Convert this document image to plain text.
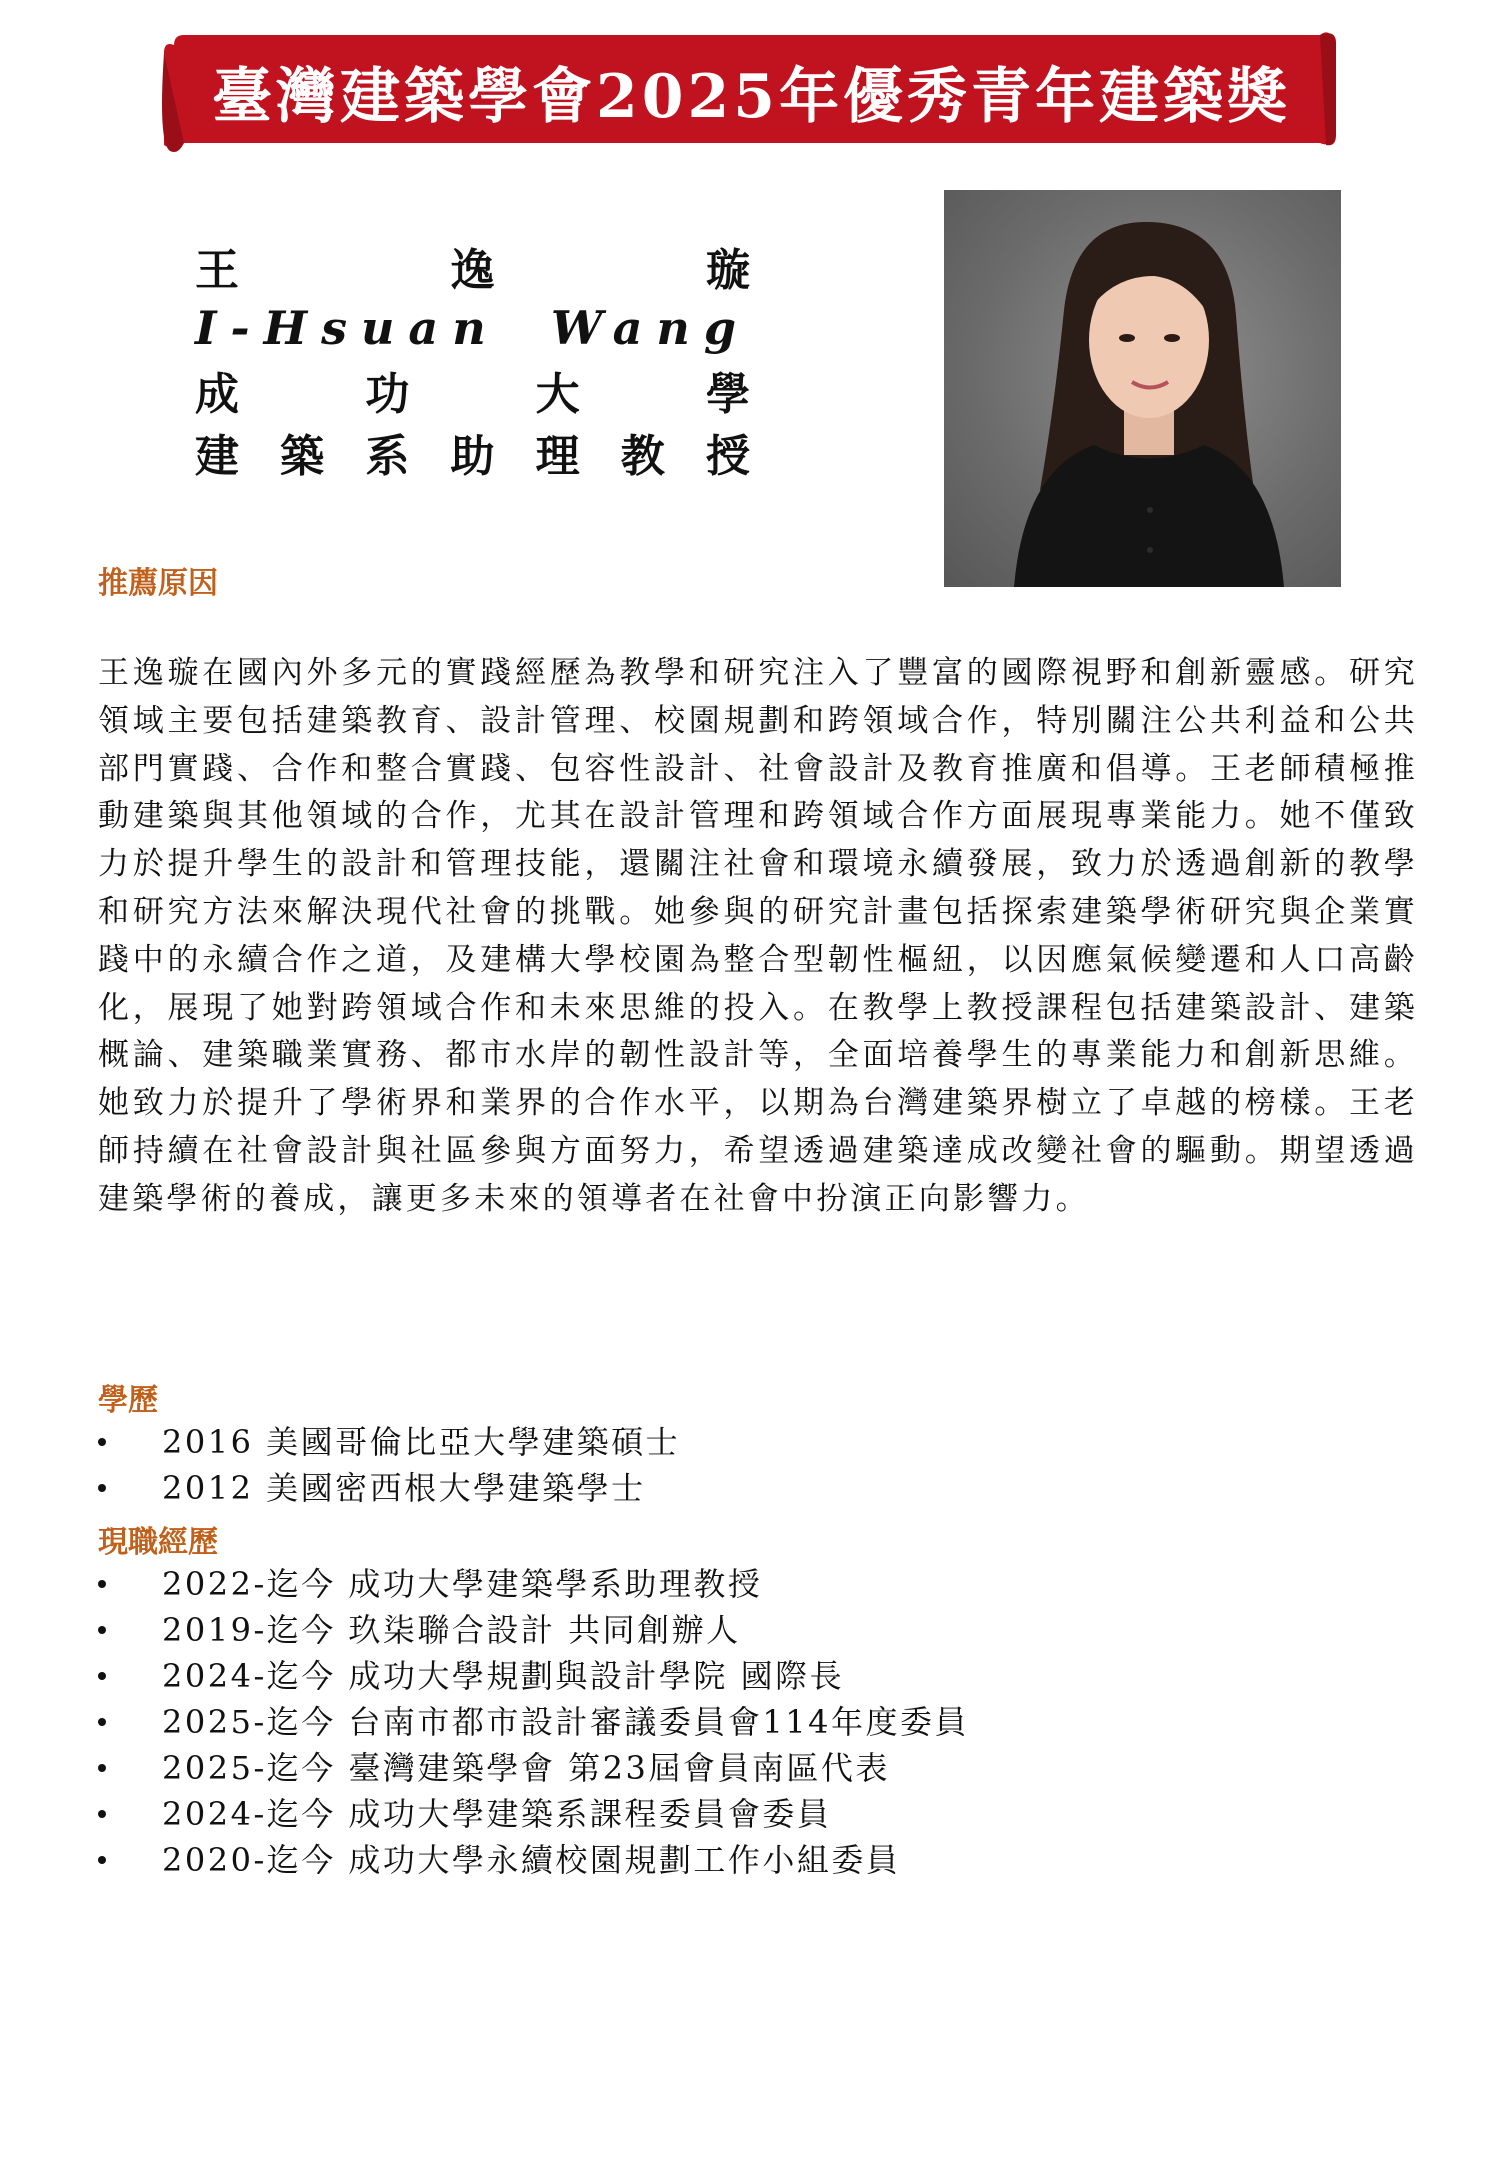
臺灣建築學會2025年優秀青年建築獎
王	逸	璇
I-Hsuan Wang
成	功	大	學
建 築 系 助 理 教 授
推薦原因
王逸璇在國內外多元的實踐經歷為教學和研究注入了豐富的國際視野和創新靈感。研究領域主要包括建築教育、設計管理、校園規劃和跨領域合作，特別關注公共利益和公共部門實踐、合作和整合實踐、包容性設計、社會設計及教育推廣和倡導。王老師積極推動建築與其他領域的合作，尤其在設計管理和跨領域合作方面展現專業能力。她不僅致力於提升學生的設計和管理技能，還關注社會和環境永續發展，致力於透過創新的教學和研究方法來解決現代社會的挑戰。她參與的研究計畫包括探索建築學術研究與企業實踐中的永續合作之道，及建構大學校園為整合型韌性樞紐，以因應氣候變遷和人口高齡化，展現了她對跨領域合作和未來思維的投入。在教學上教授課程包括建築設計、建築概論、建築職業實務、都市水岸的韌性設計等，全面培養學生的專業能力和創新思維。她致力於提升了學術界和業界的合作水平，以期為台灣建築界樹立了卓越的榜樣。王老師持續在社會設計與社區參與方面努力，希望透過建築達成改變社會的驅動。期望透過建築學術的養成，讓更多未來的領導者在社會中扮演正向影響力。
學歷
2016 美國哥倫比亞大學建築碩士
2012 美國密西根大學建築學士
現職經歷
2022-迄今 成功大學建築學系助理教授
2019-迄今 玖柒聯合設計 共同創辦人
2024-迄今 成功大學規劃與設計學院 國際長
2025-迄今 台南市都市設計審議委員會114年度委員
2025-迄今 臺灣建築學會 第23屆會員南區代表
2024-迄今 成功大學建築系課程委員會委員
2020-迄今 成功大學永續校園規劃工作小組委員
